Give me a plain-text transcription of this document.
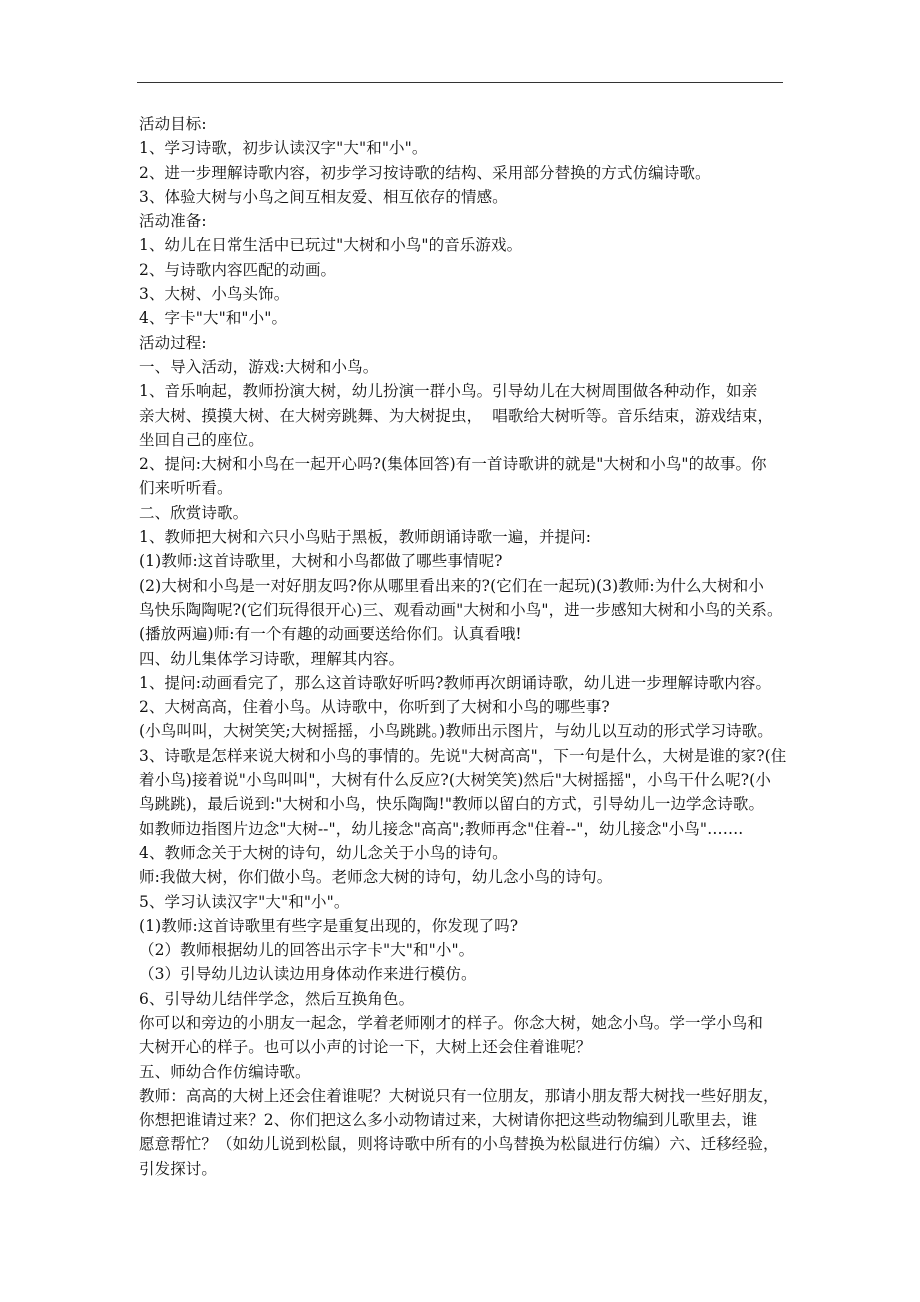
活动目标:
1、学习诗歌，初步认读汉字"大"和"小"。
2、进一步理解诗歌内容，初步学习按诗歌的结构、采用部分替换的方式仿编诗歌。
3、体验大树与小鸟之间互相友爱、相互依存的情感。
活动准备:
1、幼儿在日常生活中已玩过"大树和小鸟"的音乐游戏。
2、与诗歌内容匹配的动画。
3、大树、小鸟头饰。
4、字卡"大"和"小"。
活动过程:
一、导入活动，游戏:大树和小鸟。
1、音乐响起，教师扮演大树，幼儿扮演一群小鸟。引导幼儿在大树周围做各种动作，如亲
亲大树、摸摸大树、在大树旁跳舞、为大树捉虫，  唱歌给大树听等。音乐结束，游戏结束，
坐回自己的座位。
2、提问:大树和小鸟在一起开心吗?(集体回答)有一首诗歌讲的就是"大树和小鸟"的故事。你
们来听听看。
二、欣赏诗歌。
1、教师把大树和六只小鸟贴于黑板，教师朗诵诗歌一遍，并提问:
(1)教师:这首诗歌里，大树和小鸟都做了哪些事情呢?
(2)大树和小鸟是一对好朋友吗?你从哪里看出来的?(它们在一起玩)(3)教师:为什么大树和小
鸟快乐陶陶呢?(它们玩得很开心)三、观看动画"大树和小鸟"，进一步感知大树和小鸟的关系。
(播放两遍)师:有一个有趣的动画要送给你们。认真看哦!
四、幼儿集体学习诗歌，理解其内容。
1、提问:动画看完了，那么这首诗歌好听吗?教师再次朗诵诗歌，幼儿进一步理解诗歌内容。
2、大树高高，住着小鸟。从诗歌中，你听到了大树和小鸟的哪些事?
(小鸟叫叫，大树笑笑;大树摇摇，小鸟跳跳。)教师出示图片，与幼儿以互动的形式学习诗歌。
3、诗歌是怎样来说大树和小鸟的事情的。先说"大树高高"，下一句是什么，大树是谁的家?(住
着小鸟)接着说"小鸟叫叫"，大树有什么反应?(大树笑笑)然后"大树摇摇"，小鸟干什么呢?(小
鸟跳跳)，最后说到:"大树和小鸟，快乐陶陶!"教师以留白的方式，引导幼儿一边学念诗歌。
如教师边指图片边念"大树--"，幼儿接念"高高";教师再念"住着--"，幼儿接念"小鸟"…….
4、教师念关于大树的诗句，幼儿念关于小鸟的诗句。
师:我做大树，你们做小鸟。老师念大树的诗句，幼儿念小鸟的诗句。
5、学习认读汉字"大"和"小"。
(1)教师:这首诗歌里有些字是重复出现的，你发现了吗?
（2）教师根据幼儿的回答出示字卡"大"和"小"。
（3）引导幼儿边认读边用身体动作来进行模仿。
6、引导幼儿结伴学念，然后互换角色。
你可以和旁边的小朋友一起念，学着老师刚才的样子。你念大树，她念小鸟。学一学小鸟和
大树开心的样子。也可以小声的讨论一下，大树上还会住着谁呢？
五、师幼合作仿编诗歌。
教师：高高的大树上还会住着谁呢？大树说只有一位朋友，那请小朋友帮大树找一些好朋友，
你想把谁请过来？2、你们把这么多小动物请过来，大树请你把这些动物编到儿歌里去，谁
愿意帮忙？（如幼儿说到松鼠，则将诗歌中所有的小鸟替换为松鼠进行仿编）六、迁移经验，
引发探讨。
